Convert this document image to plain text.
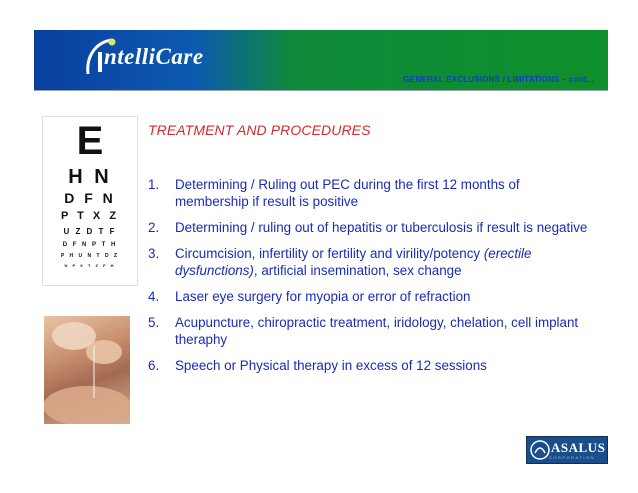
ntelliCare
GENERAL EXCLUSIONS / LIMITATIONS – cont...
E
H N
D F N
P T X Z
U Z D T F
D F N P T H
P H U N T D Z
N P X T Z F H
TREATMENT AND PROCEDURES
1. Determining / Ruling out PEC during the first 12 months of membership if result is positive
2. Determining / ruling out of hepatitis or tuberculosis if result is negative
3. Circumcision, infertility or fertility and virility/potency (erectile dysfunctions), artificial insemination, sex change
4. Laser eye surgery for myopia or error of refraction
5. Acupuncture, chiropractic treatment, iridology, chelation, cell implant theraphy
6. Speech or Physical therapy in excess of 12 sessions
ASALUS
CORPORATION
